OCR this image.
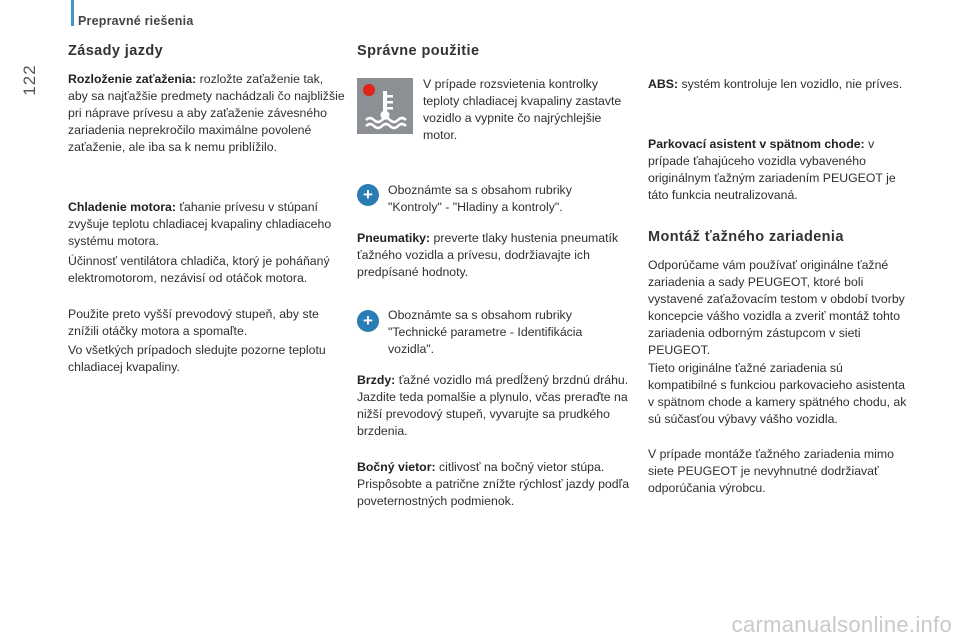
Prepravné riešenia
122
Zásady jazdy

Rozloženie zaťaženia: rozložte zaťaženie tak, aby sa najťažšie predmety nachádzali čo najbližšie pri náprave prívesu a aby zaťaženie závesného zariadenia neprekročilo maximálne povolené zaťaženie, ale iba sa k nemu priblížilo.

Chladenie motora: ťahanie prívesu v stúpaní zvyšuje teplotu chladiacej kvapaliny chladiaceho systému motora.

Účinnosť ventilátora chladiča, ktorý je poháňaný elektromotorom, nezávisí od otáčok motora.

Použite preto vyšší prevodový stupeň, aby ste znížili otáčky motora a spomaľte.

Vo všetkých prípadoch sledujte pozorne teplotu chladiacej kvapaliny.

Správne použitie

V prípade rozsvietenia kontrolky teploty chladiacej kvapaliny zastavte vozidlo a vypnite čo najrýchlejšie motor.

+	Oboznámte sa s obsahom rubriky "Kontroly" - "Hladiny a kontroly".

Pneumatiky: preverte tlaky hustenia pneumatík ťažného vozidla a prívesu, dodržiavajte ich predpísané hodnoty.

+	Oboznámte sa s obsahom rubriky "Technické parametre - Identifikácia vozidla".

Brzdy: ťažné vozidlo má predĺžený brzdnú dráhu. Jazdite teda pomalšie a plynulo, včas preraďte na nižší prevodový stupeň, vyvarujte sa prudkého brzdenia.

Bočný vietor: citlivosť na bočný vietor stúpa. Prispôsobte a patrične znížte rýchlosť jazdy podľa poveternostných podmienok.

ABS: systém kontroluje len vozidlo, nie príves.

Parkovací asistent v spätnom chode: v prípade ťahajúceho vozidla vybaveného originálnym ťažným zariadením PEUGEOT je táto funkcia neutralizovaná.

Montáž ťažného zariadenia

Odporúčame vám používať originálne ťažné zariadenia a sady PEUGEOT, ktoré boli vystavené zaťažovacím testom v období tvorby koncepcie vášho vozidla a zveriť montáž tohto zariadenia odborným zástupcom v sieti PEUGEOT.

Tieto originálne ťažné zariadenia sú kompatibilné s funkciou parkovacieho asistenta v spätnom chode a kamery spätného chodu, ak sú súčasťou výbavy vášho vozidla.

V prípade montáže ťažného zariadenia mimo siete PEUGEOT je nevyhnutné dodržiavať odporúčania výrobcu.

carmanualsonline.info
